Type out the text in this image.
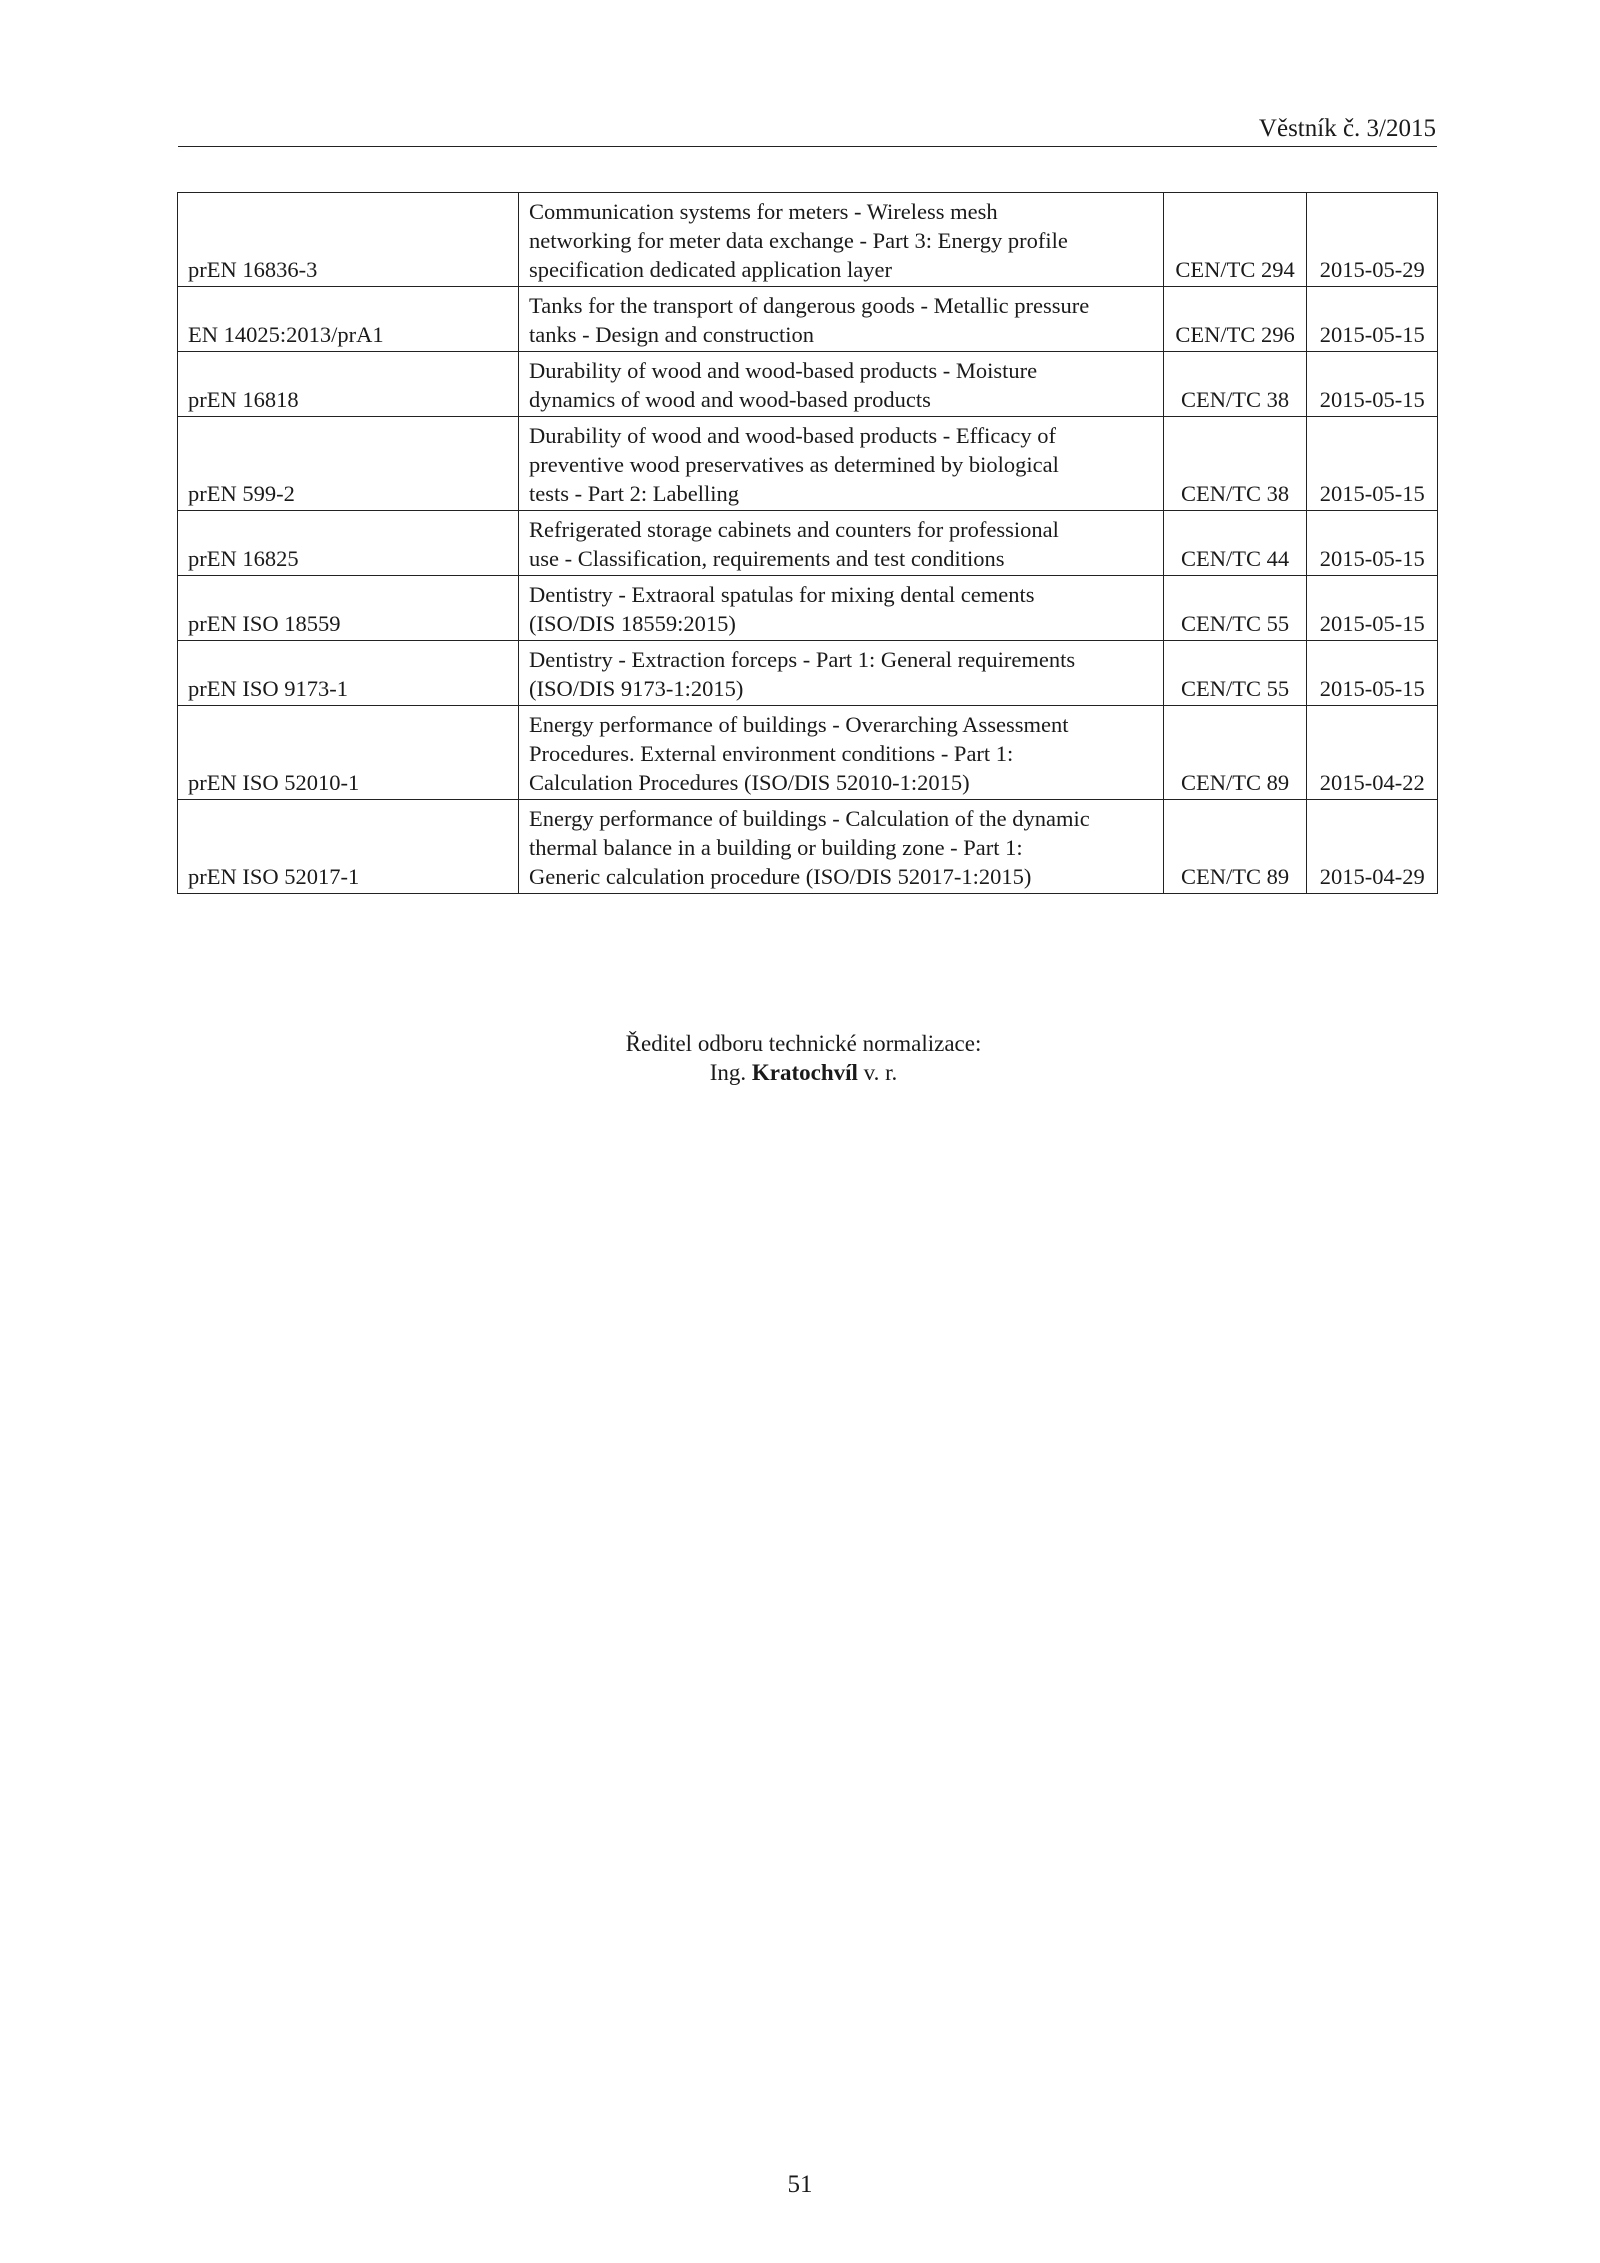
Věstník č. 3/2015
prEN 16836-3	Communication systems for meters - Wireless mesh
networking for meter data exchange - Part 3: Energy profile
specification dedicated application layer	CEN/TC 294	2015-05-29
EN 14025:2013/prA1	Tanks for the transport of dangerous goods - Metallic pressure
tanks - Design and construction	CEN/TC 296	2015-05-15
prEN 16818	Durability of wood and wood-based products - Moisture
dynamics of wood and wood-based products	CEN/TC 38	2015-05-15
prEN 599-2	Durability of wood and wood-based products - Efficacy of
preventive wood preservatives as determined by biological
tests - Part 2: Labelling	CEN/TC 38	2015-05-15
prEN 16825	Refrigerated storage cabinets and counters for professional
use - Classification, requirements and test conditions	CEN/TC 44	2015-05-15
prEN ISO 18559	Dentistry - Extraoral spatulas for mixing dental cements
(ISO/DIS 18559:2015)	CEN/TC 55	2015-05-15
prEN ISO 9173-1	Dentistry - Extraction forceps - Part 1: General requirements
(ISO/DIS 9173-1:2015)	CEN/TC 55	2015-05-15
prEN ISO 52010-1	Energy performance of buildings - Overarching Assessment
Procedures. External environment conditions - Part 1:
Calculation Procedures (ISO/DIS 52010-1:2015)	CEN/TC 89	2015-04-22
prEN ISO 52017-1	Energy performance of buildings - Calculation of the dynamic
thermal balance in a building or building zone - Part 1:
Generic calculation procedure (ISO/DIS 52017-1:2015)	CEN/TC 89	2015-04-29
Ředitel odboru technické normalizace:
Ing. Kratochvíl v. r.
51
